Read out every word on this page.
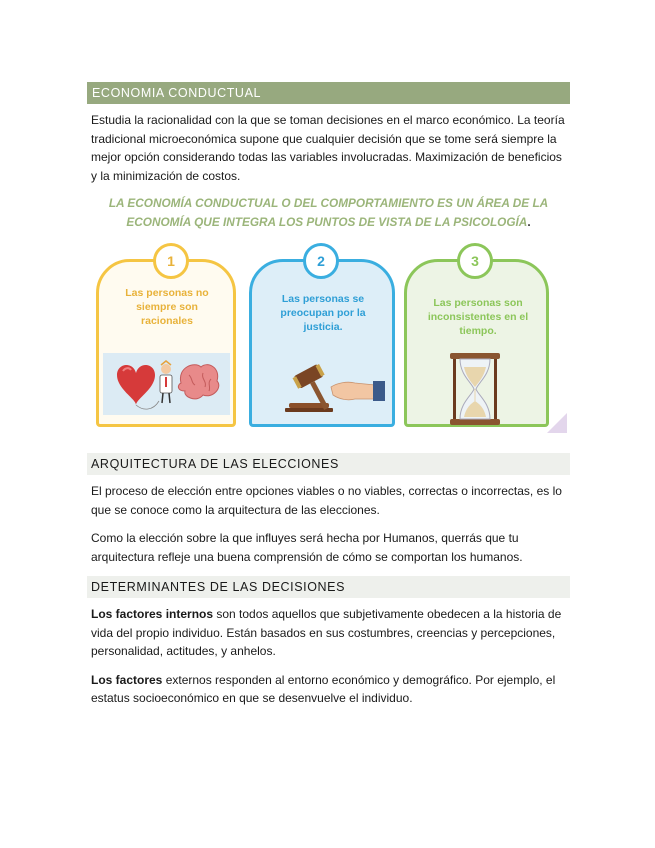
ECONOMIA CONDUCTUAL

Estudia la racionalidad con la que se toman decisiones en el marco económico. La teoría tradicional microeconómica supone que cualquier decisión que se tome será siempre la mejor opción considerando todas las variables involucradas. Maximización de beneficios y la minimización de costos.

LA ECONOMÍA CONDUCTUAL O DEL COMPORTAMIENTO ES UN ÁREA DE LA ECONOMÍA QUE INTEGRA LOS PUNTOS DE VISTA DE LA PSICOLOGÍA.

1
Las personas no siempre son racionales
2
Las personas se preocupan por la justicia.
3
Las personas son inconsistentes en el tiempo.
ARQUITECTURA DE LAS ELECCIONES

El proceso de elección entre opciones viables o no viables, correctas o incorrectas, es lo que se conoce como la arquitectura de las elecciones.

Como la elección sobre la que influyes será hecha por Humanos, querrás que tu arquitectura refleje una buena comprensión de cómo se comportan los humanos.

DETERMINANTES DE LAS DECISIONES

Los factores internos son todos aquellos que subjetivamente obedecen a la historia de vida del propio individuo. Están basados en sus costumbres, creencias y percepciones, personalidad, actitudes, y anhelos.

Los factores externos responden al entorno económico y demográfico. Por ejemplo, el estatus socioeconómico en que se desenvuelve el individuo.
